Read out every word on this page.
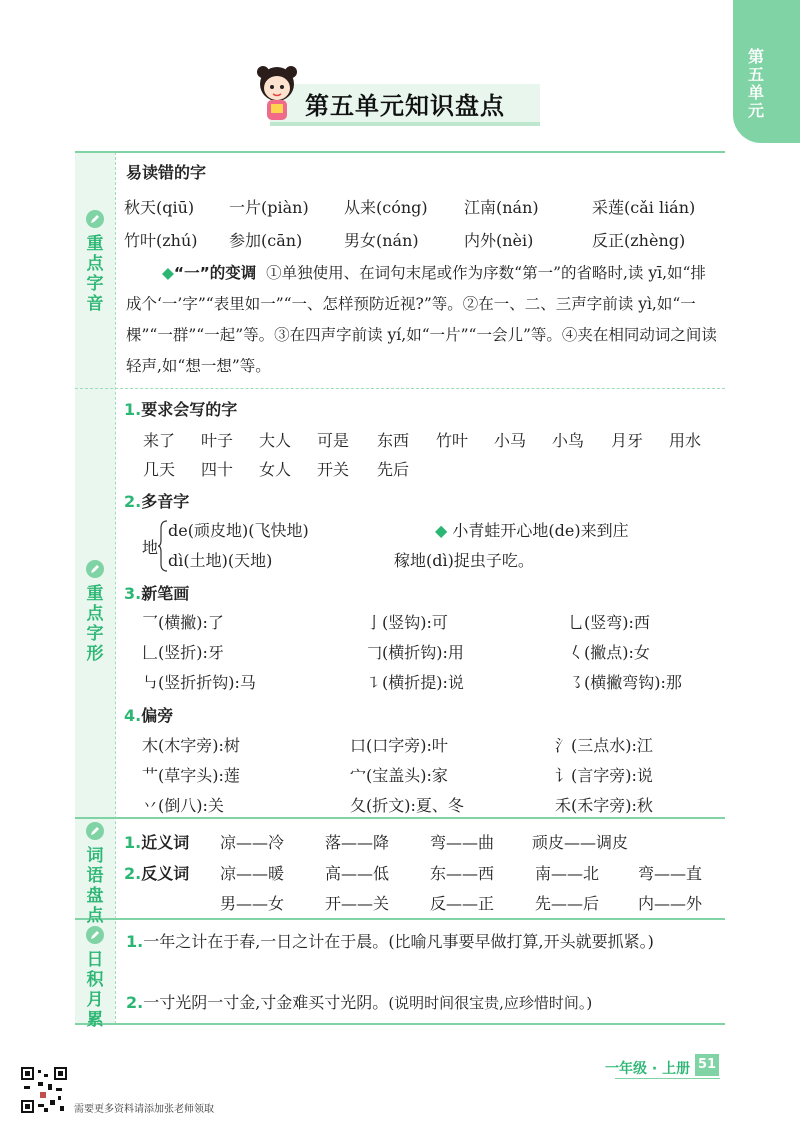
第五单元
第五单元知识盘点
重点字音
重点字形
词语盘点
日积月累
易读错的字
秋天(qiū) 一片(piàn) 从来(cóng) 江南(nán)	采莲(cǎi lián)
竹叶(zhú) 参加(cān)	男女(nán)	内外(nèi)	反正(zhèng)
◆“一”的变调 ①单独使用、在词句末尾或作为序数“第一”的省略时,读 yī,如“排成个‘一’字”“表里如一”“一、怎样预防近视?”等。②在一、二、三声字前读 yì,如“一棵”“一群”“一起”等。③在四声字前读 yí,如“一片”“一会儿”等。④夹在相同动词之间读轻声,如“想一想”等。
1.要求会写的字
来了 叶子 大人 可是 东西 竹叶 小马 小鸟 月牙 用水
几天 四十 女人 开关 先后
2.多音字
地
de(顽皮地)(飞快地)
dì(土地)(天地)
◆ 小青蛙开心地(de)来到庄
稼地(dì)捉虫子吃。
3.新笔画
乛(横撇):了	亅(竖钩):可	乚(竖弯):西
𠃊(竖折):牙	𠃌(横折钩):用	𡿨(撇点):女
㇉(竖折折钩):马	㇊(横折提):说	㇌(横撇弯钩):那
4.偏旁
木(木字旁):树	口(口字旁):叶	氵(三点水):江
艹(草字头):莲	宀(宝盖头):家	讠(言字旁):说
丷(倒八):关	夂(折文):夏、冬	禾(禾字旁):秋
1.近义词 凉——冷	落——降	弯——曲 顽皮——调皮
2.反义词 凉——暖	高——低	东——西	南——北 弯——直
男——女	开——关	反——正	先——后 内——外
1.一年之计在于春,一日之计在于晨。(比喻凡事要早做打算,开头就要抓紧。)
2.一寸光阴一寸金,寸金难买寸光阴。(说明时间很宝贵,应珍惜时间。)
一年级 · 上册 51
需要更多资料请添加张老师领取
